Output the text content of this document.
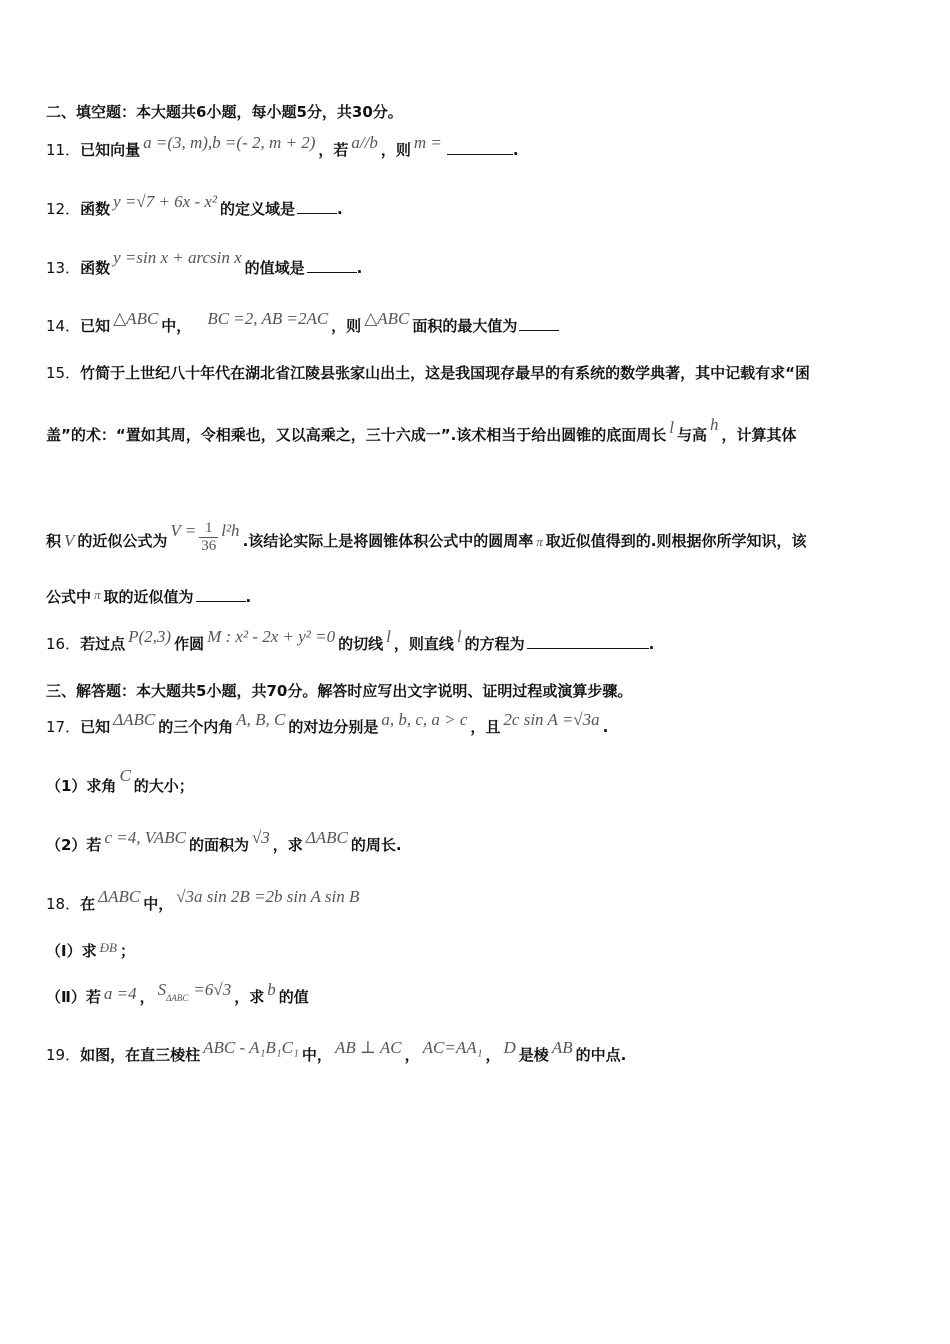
二、填空题：本大题共6小题，每小题5分，共30分。
11．已知向量 a =(3, m),b =(- 2, m + 2) ，若 a//b ，则 m =	.
12．函数 y =√7 + 6x - x² 的定义域是	.
13．函数y =sin x + arcsin x的值域是	.
14．已知 △ABC 中， BC =2, AB =2AC ，则 △ABC 面积的最大值为
15．竹简于上世纪八十年代在湖北省江陵县张家山出土，这是我国现存最早的有系统的数学典著，其中记载有求“囷
盖”的术：“置如其周，令相乘也，又以高乘之，三十六成一”.该术相当于给出圆锥的底面周长 l 与高h，计算其体
积 V 的近似公式为$V = \frac{1}{36} l^2h$.该结论实际上是将圆锥体积公式中的圆周率 π 取近似值得到的.则根据你所学知识，该
公式中 π 取的近似值为	.
16．若过点 P(2,3) 作圆 M : x² - 2x + y² =0 的切线 l ，则直线 l 的方程为	.
三、解答题：本大题共5小题，共70分。解答时应写出文字说明、证明过程或演算步骤。
17．已知 ΔABC 的三个内角 A, B, C 的对边分别是 a, b, c, a > c ，且 2c sin A =√3a .
（1）求角C的大小；
（2）若 c =4, VABC 的面积为 √3 ，求 ΔABC 的周长.
18．在 ΔABC 中， √3a sin 2B =2b sin A sin B
（Ⅰ）求 ÐB ；
（Ⅱ）若 a =4 ， SΔABC =6√3 ，求 b 的值
19．如图，在直三棱柱 ABC - A₁B₁C₁ 中， AB ⊥ AC ， AC=AA₁ ， D 是棱 AB 的中点.
